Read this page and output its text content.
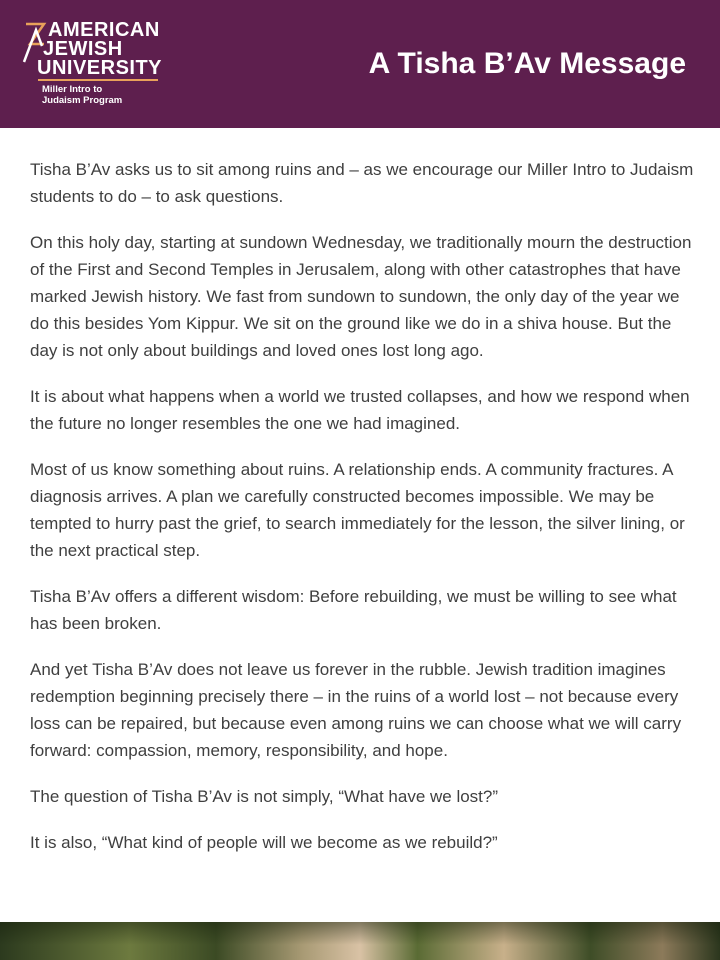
AMERICAN
JEWISH
UNIVERSITY
Miller Intro to
Judaism Program
A Tisha B’Av Message

Tisha B’Av asks us to sit among ruins and – as we encourage our Miller Intro to Judaism students to do – to ask questions.

On this holy day, starting at sundown Wednesday, we traditionally mourn the destruction of the First and Second Temples in Jerusalem, along with other catastrophes that have marked Jewish history. We fast from sundown to sundown, the only day of the year we do this besides Yom Kippur. We sit on the ground like we do in a shiva house. But the day is not only about buildings and loved ones lost long ago.

It is about what happens when a world we trusted collapses, and how we respond when the future no longer resembles the one we had imagined.

Most of us know something about ruins. A relationship ends. A community fractures. A diagnosis arrives. A plan we carefully constructed becomes impossible. We may be tempted to hurry past the grief, to search immediately for the lesson, the silver lining, or the next practical step.

Tisha B’Av offers a different wisdom: Before rebuilding, we must be willing to see what has been broken.

And yet Tisha B’Av does not leave us forever in the rubble. Jewish tradition imagines redemption beginning precisely there – in the ruins of a world lost – not because every loss can be repaired, but because even among ruins we can choose what we will carry forward: compassion, memory, responsibility, and hope.

The question of Tisha B’Av is not simply, “What have we lost?”

It is also, “What kind of people will we become as we rebuild?”
